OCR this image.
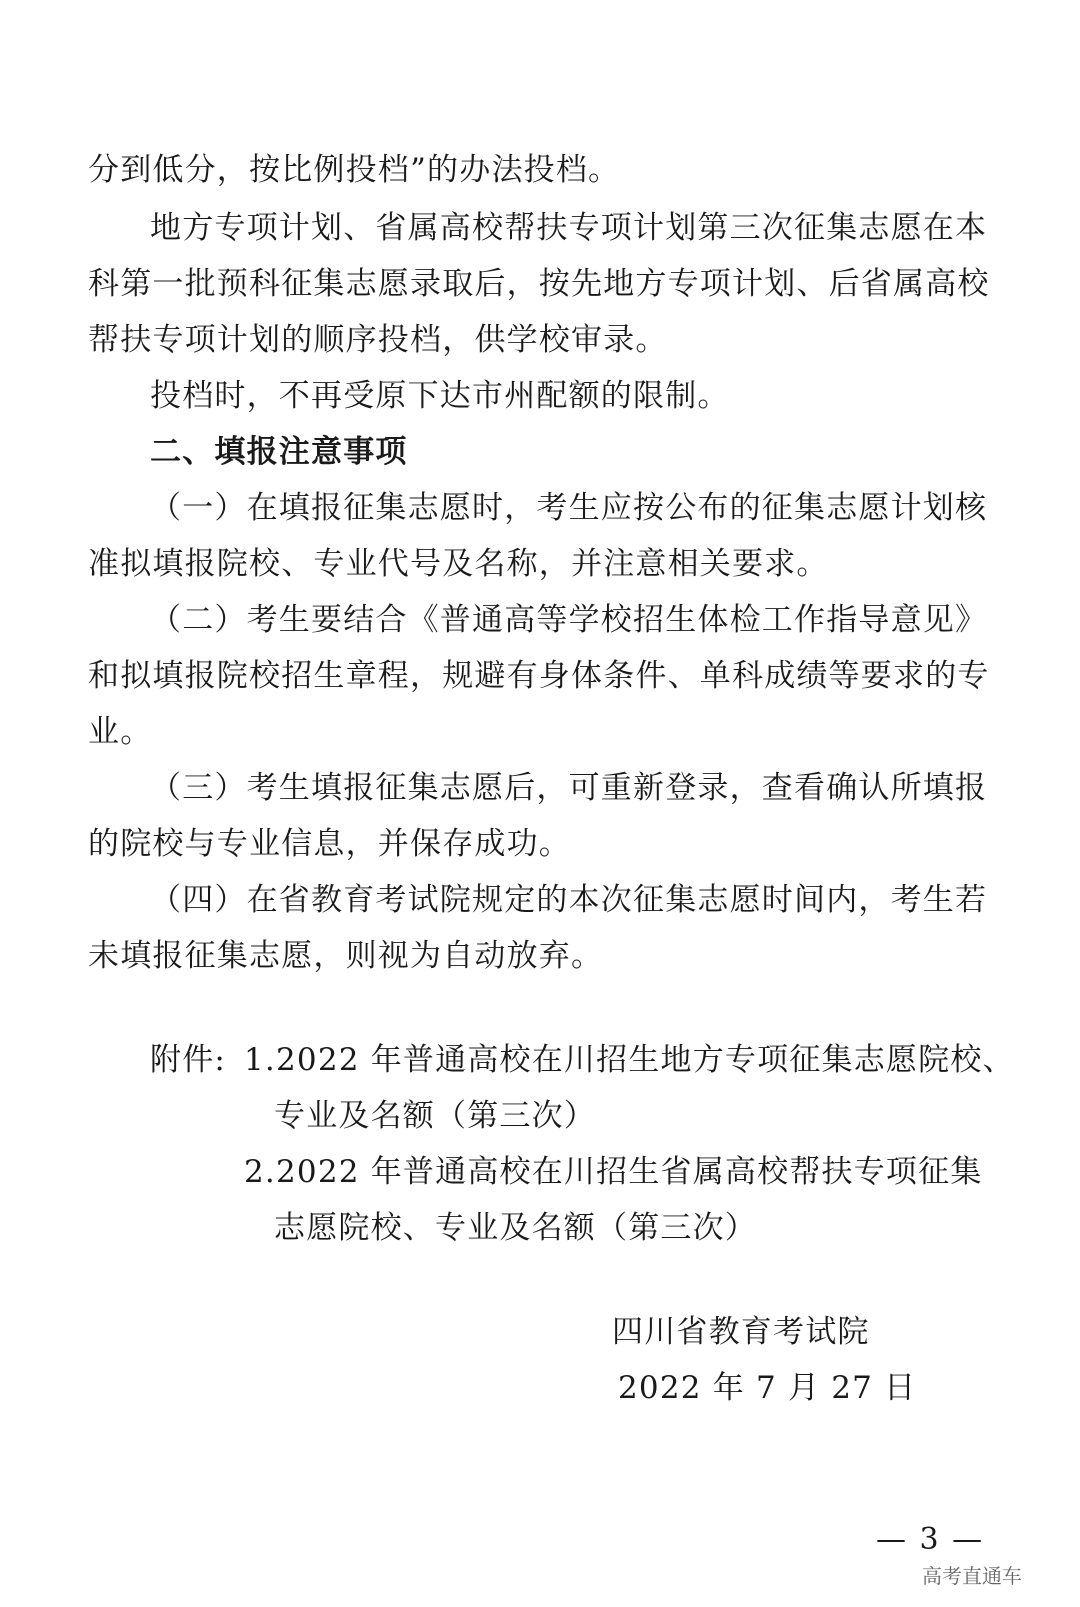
分到低分，按比例投档”的办法投档。
地方专项计划、省属高校帮扶专项计划第三次征集志愿在本
科第一批预科征集志愿录取后，按先地方专项计划、后省属高校
帮扶专项计划的顺序投档，供学校审录。
投档时，不再受原下达市州配额的限制。
二、填报注意事项
（一）在填报征集志愿时，考生应按公布的征集志愿计划核
准拟填报院校、专业代号及名称，并注意相关要求。
（二）考生要结合《普通高等学校招生体检工作指导意见》
和拟填报院校招生章程，规避有身体条件、单科成绩等要求的专
业。
（三）考生填报征集志愿后，可重新登录，查看确认所填报
的院校与专业信息，并保存成功。
（四）在省教育考试院规定的本次征集志愿时间内，考生若
未填报征集志愿，则视为自动放弃。
附件: 1.2022 年普通高校在川招生地方专项征集志愿院校、
专业及名额（第三次）
2.2022 年普通高校在川招生省属高校帮扶专项征集
志愿院校、专业及名额（第三次）
四川省教育考试院
2022 年 7 月 27 日
— 3 —
高考直通车
